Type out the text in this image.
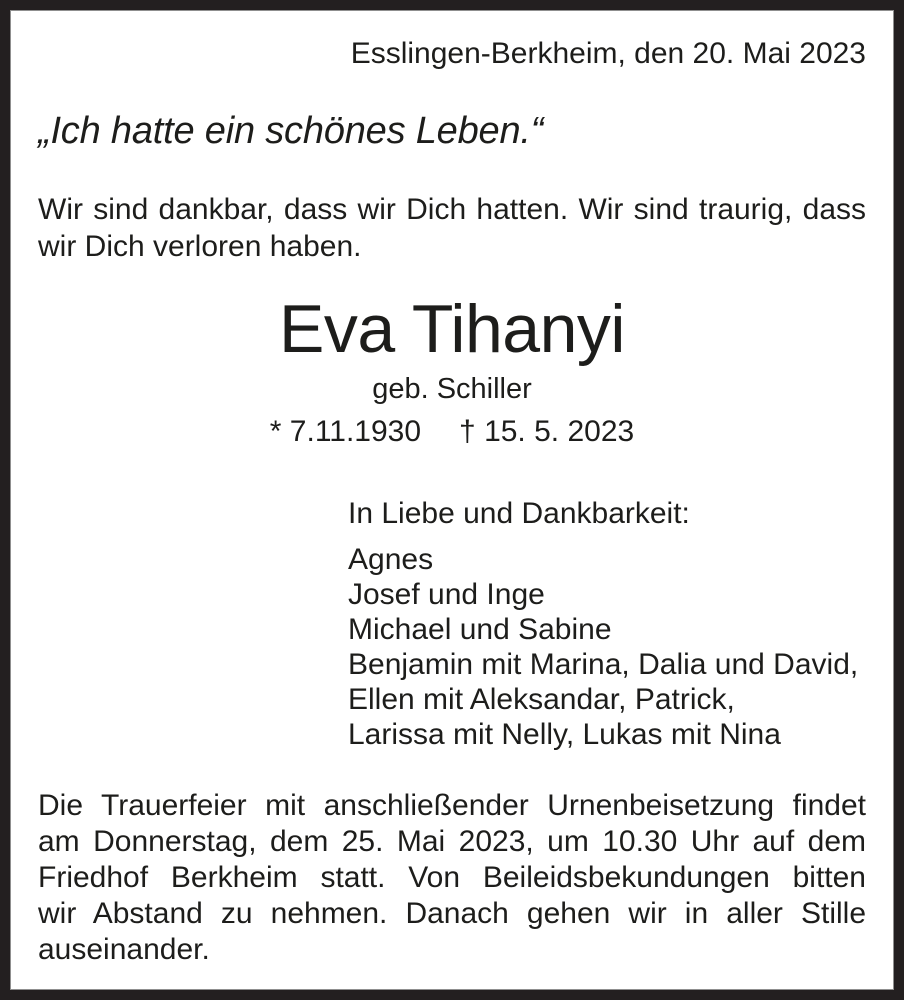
Esslingen-Berkheim, den 20. Mai 2023
„Ich hatte ein schönes Leben.“
Wir sind dankbar, dass wir Dich hatten. Wir sind traurig, dass
wir Dich verloren haben.
Eva Tihanyi
geb. Schiller
* 7.11.1930 † 15. 5. 2023
In Liebe und Dankbarkeit:
Agnes
Josef und Inge
Michael und Sabine
Benjamin mit Marina, Dalia und David,
Ellen mit Aleksandar, Patrick,
Larissa mit Nelly, Lukas mit Nina
Die Trauerfeier mit anschließender Urnenbeisetzung findet
am Donnerstag, dem 25. Mai 2023, um 10.30 Uhr auf dem
Friedhof Berkheim statt. Von Beileidsbekundungen bitten
wir Abstand zu nehmen. Danach gehen wir in aller Stille
auseinander.
